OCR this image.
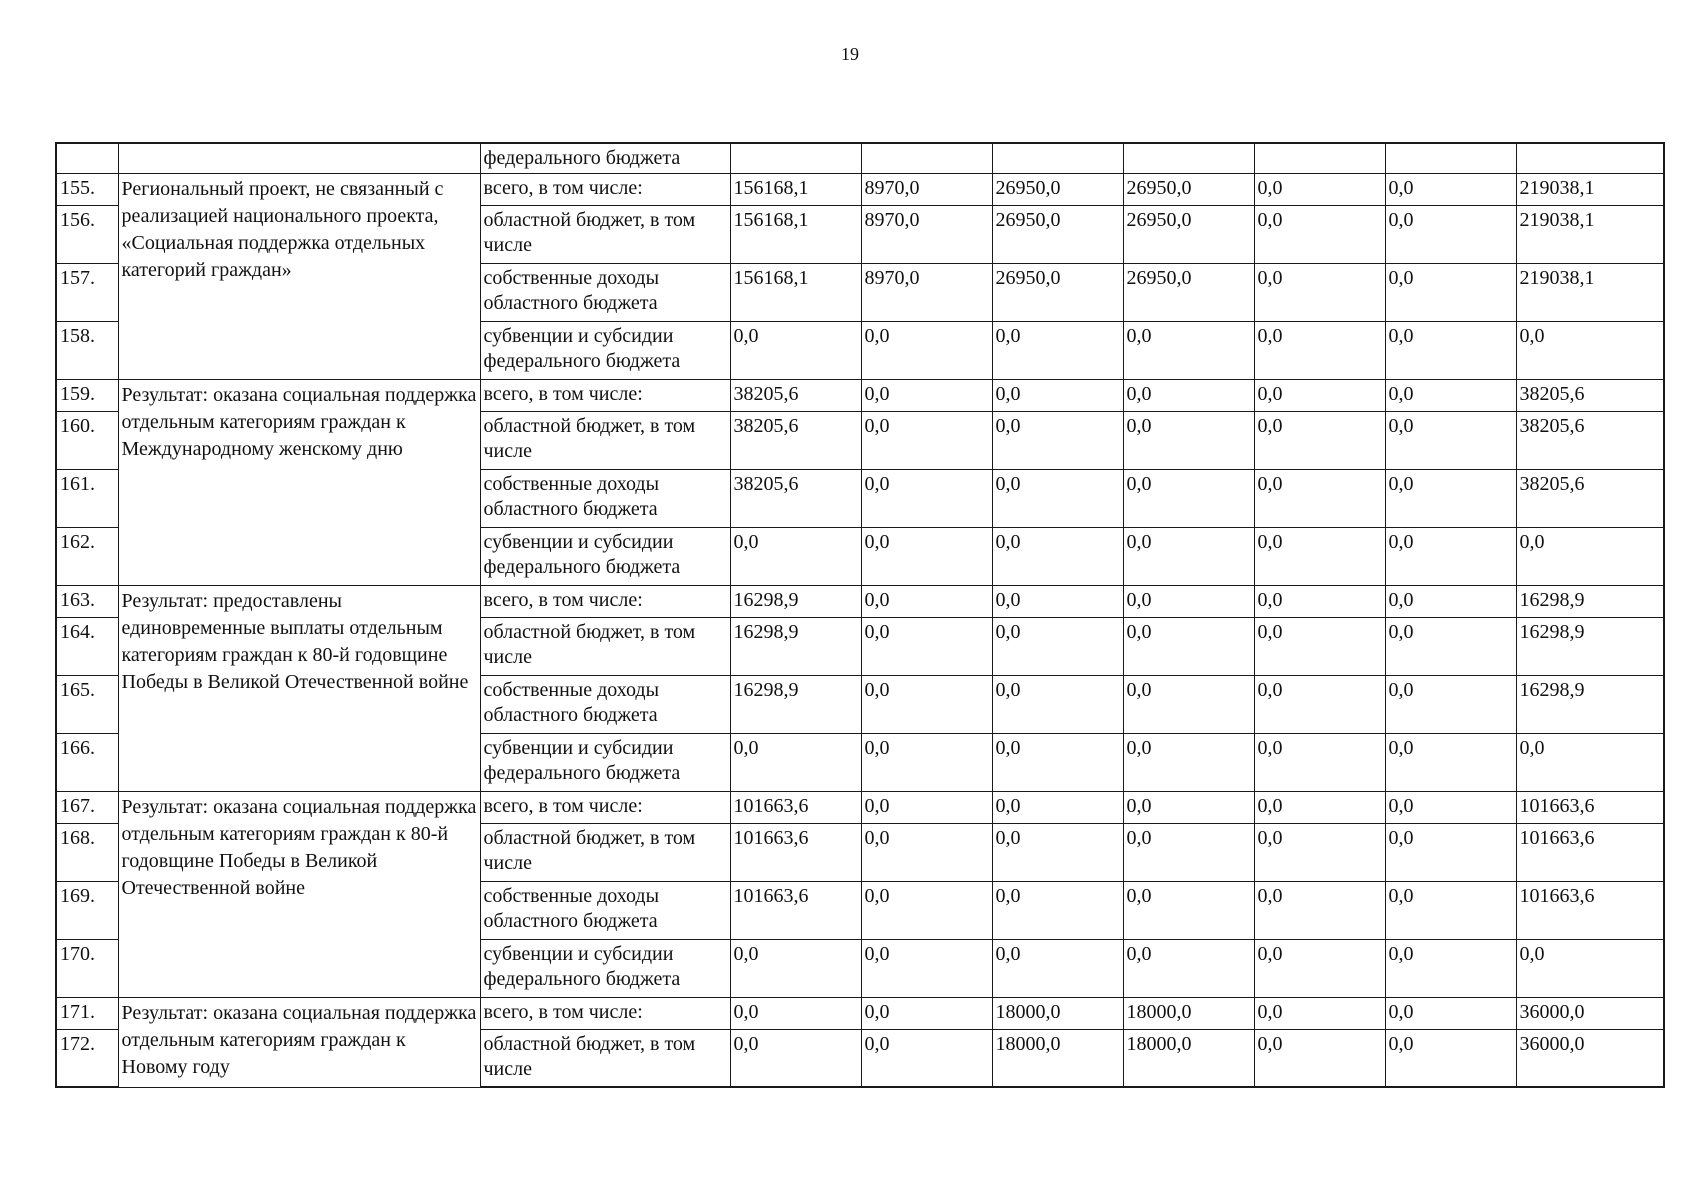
19
		федерального бюджета							
155.	Региональный проект, не связанный с реализацией национального проекта, «Социальная поддержка отдельных категорий граждан»	всего, в том числе:	156168,1	8970,0	26950,0	26950,0	0,0	0,0	219038,1
156.		областной бюджет, в том числе	156168,1	8970,0	26950,0	26950,0	0,0	0,0	219038,1
157.		собственные доходы областного бюджета	156168,1	8970,0	26950,0	26950,0	0,0	0,0	219038,1
158.		субвенции и субсидии федерального бюджета	0,0	0,0	0,0	0,0	0,0	0,0	0,0
159.	Результат: оказана социальная поддержка отдельным категориям граждан к Международному женскому дню	всего, в том числе:	38205,6	0,0	0,0	0,0	0,0	0,0	38205,6
160.		областной бюджет, в том числе	38205,6	0,0	0,0	0,0	0,0	0,0	38205,6
161.		собственные доходы областного бюджета	38205,6	0,0	0,0	0,0	0,0	0,0	38205,6
162.		субвенции и субсидии федерального бюджета	0,0	0,0	0,0	0,0	0,0	0,0	0,0
163.	Результат: предоставлены единовременные выплаты отдельным категориям граждан к 80-й годовщине Победы в Великой Отечественной войне	всего, в том числе:	16298,9	0,0	0,0	0,0	0,0	0,0	16298,9
164.		областной бюджет, в том числе	16298,9	0,0	0,0	0,0	0,0	0,0	16298,9
165.		собственные доходы областного бюджета	16298,9	0,0	0,0	0,0	0,0	0,0	16298,9
166.		субвенции и субсидии федерального бюджета	0,0	0,0	0,0	0,0	0,0	0,0	0,0
167.	Результат: оказана социальная поддержка отдельным категориям граждан к 80-й годовщине Победы в Великой Отечественной войне	всего, в том числе:	101663,6	0,0	0,0	0,0	0,0	0,0	101663,6
168.		областной бюджет, в том числе	101663,6	0,0	0,0	0,0	0,0	0,0	101663,6
169.		собственные доходы областного бюджета	101663,6	0,0	0,0	0,0	0,0	0,0	101663,6
170.		субвенции и субсидии федерального бюджета	0,0	0,0	0,0	0,0	0,0	0,0	0,0
171.	Результат: оказана социальная поддержка отдельным категориям граждан к Новому году	всего, в том числе:	0,0	0,0	18000,0	18000,0	0,0	0,0	36000,0
172.		областной бюджет, в том числе	0,0	0,0	18000,0	18000,0	0,0	0,0	36000,0
